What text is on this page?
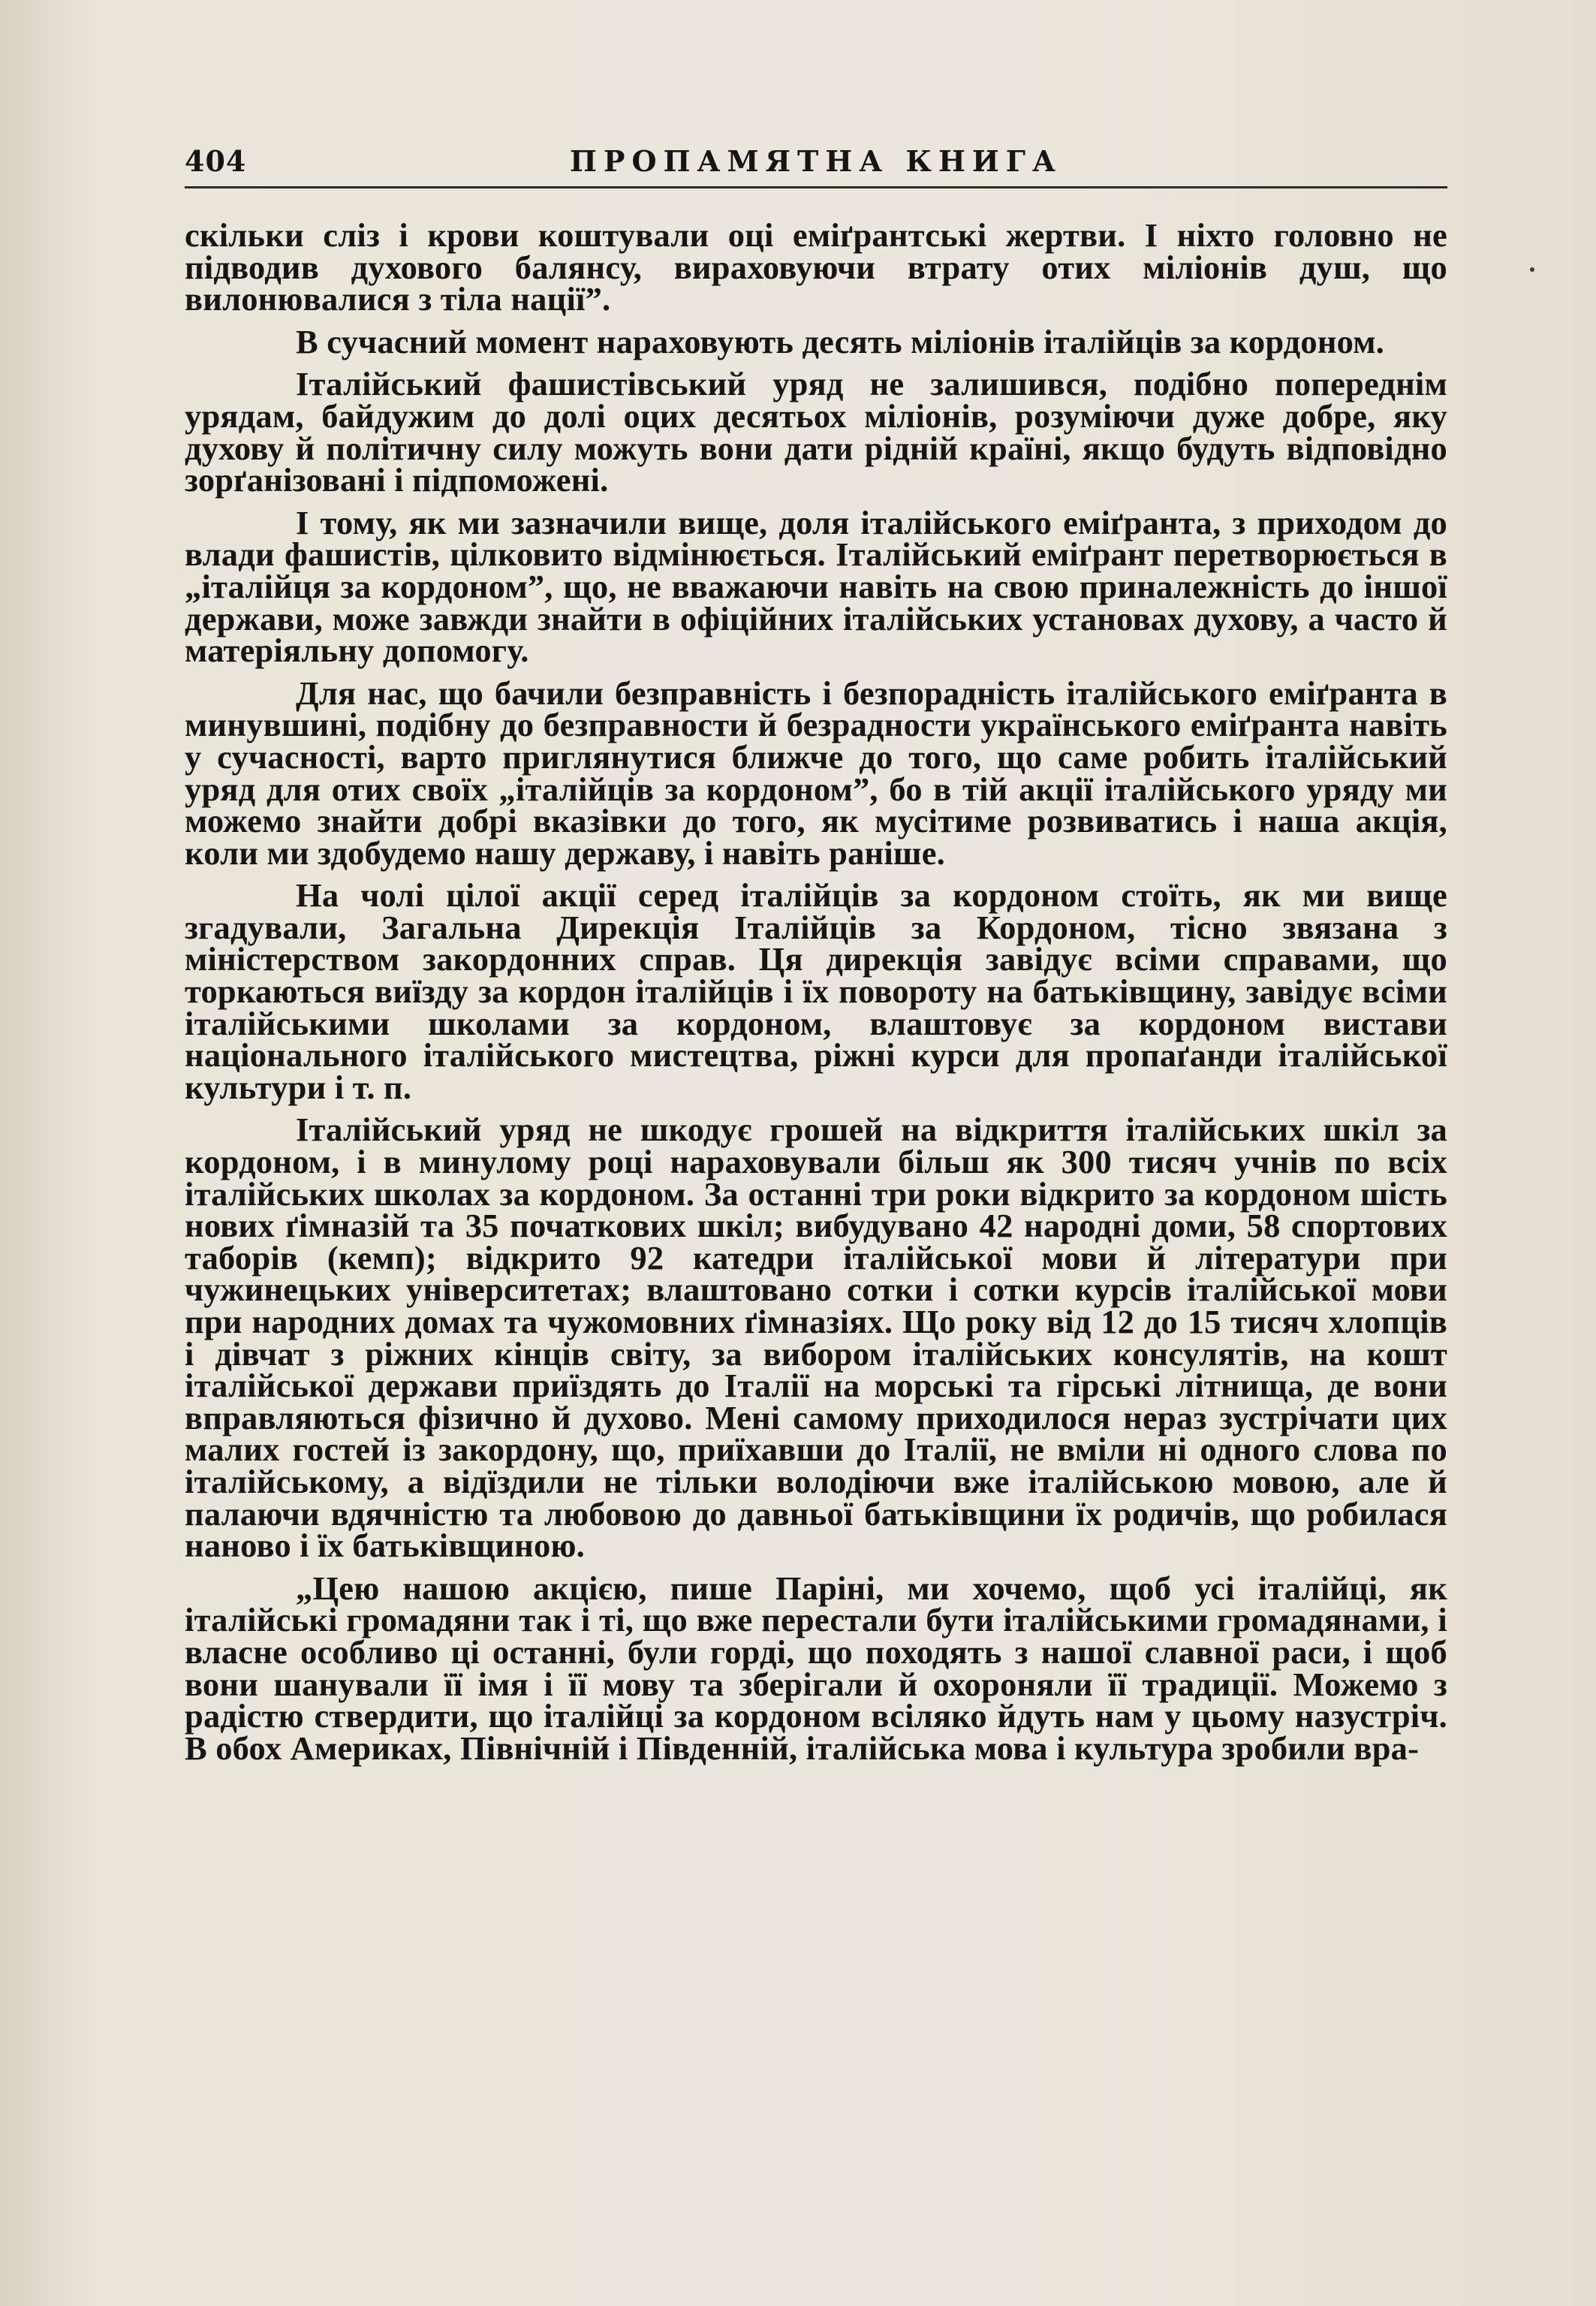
404	ПРОПАМЯТНА КНИГА

скільки сліз і крови коштували оці еміґрантські жертви. І ніхто головно не підводив духового балянсу, вираховуючи втрату отих міліонів душ, що вилонювалися з тіла нації”.

В сучасний момент нараховують десять міліонів італійців за кордоном.

Італійський фашистівський уряд не залишився, подібно попереднім урядам, байдужим до долі оцих десятьох міліонів, розуміючи дуже добре, яку духову й політичну силу можуть вони дати рідній країні, якщо будуть відповідно зорґанізовані і підпоможені.

І тому, як ми зазначили вище, доля італійського еміґранта, з приходом до влади фашистів, цілковито відмінюється. Італійський еміґрант перетворюється в „італійця за кордоном”, що, не вважаючи навіть на свою приналежність до іншої держави, може завжди знайти в офіційних італійських установах духову, а часто й матеріяльну допомогу.

Для нас, що бачили безправність і безпорадність італійського еміґранта в минувшині, подібну до безправности й безрадности українського еміґранта навіть у сучасності, варто приглянутися ближче до того, що саме робить італійський уряд для отих своїх „італійців за кордоном”, бо в тій акції італійського уряду ми можемо знайти добрі вказівки до того, як мусітиме розвиватись і наша акція, коли ми здобудемо нашу державу, і навіть раніше.

На чолі цілої акції серед італійців за кордоном стоїть, як ми вище згадували, Загальна Дирекція Італійців за Кордоном, тісно звязана з міністерством закордонних справ. Ця дирекція завідує всіми справами, що торкаються виїзду за кордон італійців і їх повороту на батьківщину, завідує всіми італійськими школами за кордоном, влаштовує за кордоном вистави національного італійського мистецтва, ріжні курси для пропаґанди італійської культури і т. п.

Італійський уряд не шкодує грошей на відкриття італійських шкіл за кордоном, і в минулому році нараховували більш як 300 тисяч учнів по всіх італійських школах за кордоном. За останні три роки відкрито за кордоном шість нових ґімназій та 35 початкових шкіл; вибудувано 42 народні доми, 58 спортових таборів (кемп); відкрито 92 катедри італійської мови й літератури при чужинецьких університетах; влаштовано сотки і сотки курсів італійської мови при народних домах та чужомовних ґімназіях. Що року від 12 до 15 тисяч хлопців і дівчат з ріжних кінців світу, за вибором італійських консулятів, на кошт італійської держави приїздять до Італії на морські та гірські літнища, де вони вправляються фізично й духово. Мені самому приходилося нераз зустрічати цих малих гостей із закордону, що, приїхавши до Італії, не вміли ні одного слова по італійському, а відїздили не тільки володіючи вже італійською мовою, але й палаючи вдячністю та любовою до давньої батьківщини їх родичів, що робилася наново і їх батьківщиною.

„Цею нашою акцією, пише Паріні, ми хочемо, щоб усі італійці, як італійські громадяни так і ті, що вже перестали бути італійськими громадянами, і власне особливо ці останні, були горді, що походять з нашої славної раси, і щоб вони шанували її імя і її мову та зберігали й охороняли її традиції. Можемо з радістю ствердити, що італійці за кордоном всіляко йдуть нам у цьому назустріч. В обох Америках, Північній і Південній, італійська мова і культура зробили вра-
